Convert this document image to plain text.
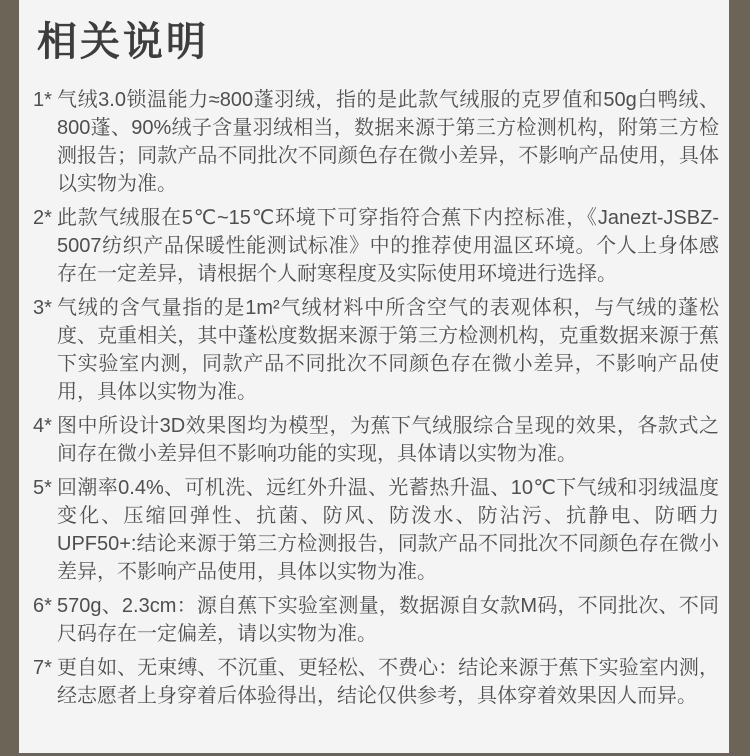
相关说明
1* 气绒3.0锁温能力≈800蓬羽绒，指的是此款气绒服的克罗值和50g白鸭绒、800蓬、90%绒子含量羽绒相当，数据来源于第三方检测机构，附第三方检测报告；同款产品不同批次不同颜色存在微小差异，不影响产品使用，具体以实物为准。
2* 此款气绒服在5℃~15℃环境下可穿指符合蕉下内控标准，《Janezt-JSBZ-5007纺织产品保暖性能测试标准》中的推荐使用温区环境。个人上身体感存在一定差异，请根据个人耐寒程度及实际使用环境进行选择。
3* 气绒的含气量指的是1m²气绒材料中所含空气的表观体积，与气绒的蓬松度、克重相关，其中蓬松度数据来源于第三方检测机构，克重数据来源于蕉下实验室内测，同款产品不同批次不同颜色存在微小差异，不影响产品使用，具体以实物为准。
4* 图中所设计3D效果图均为模型，为蕉下气绒服综合呈现的效果，各款式之间存在微小差异但不影响功能的实现，具体请以实物为准。
5* 回潮率0.4%、可机洗、远红外升温、光蓄热升温、10℃下气绒和羽绒温度变化、压缩回弹性、抗菌、防风、防泼水、防沾污、抗静电、防晒力UPF50+:结论来源于第三方检测报告，同款产品不同批次不同颜色存在微小差异，不影响产品使用，具体以实物为准。
6* 570g、2.3cm：源自蕉下实验室测量，数据源自女款M码，不同批次、不同尺码存在一定偏差，请以实物为准。
7* 更自如、无束缚、不沉重、更轻松、不费心：结论来源于蕉下实验室内测，经志愿者上身穿着后体验得出，结论仅供参考，具体穿着效果因人而异。
